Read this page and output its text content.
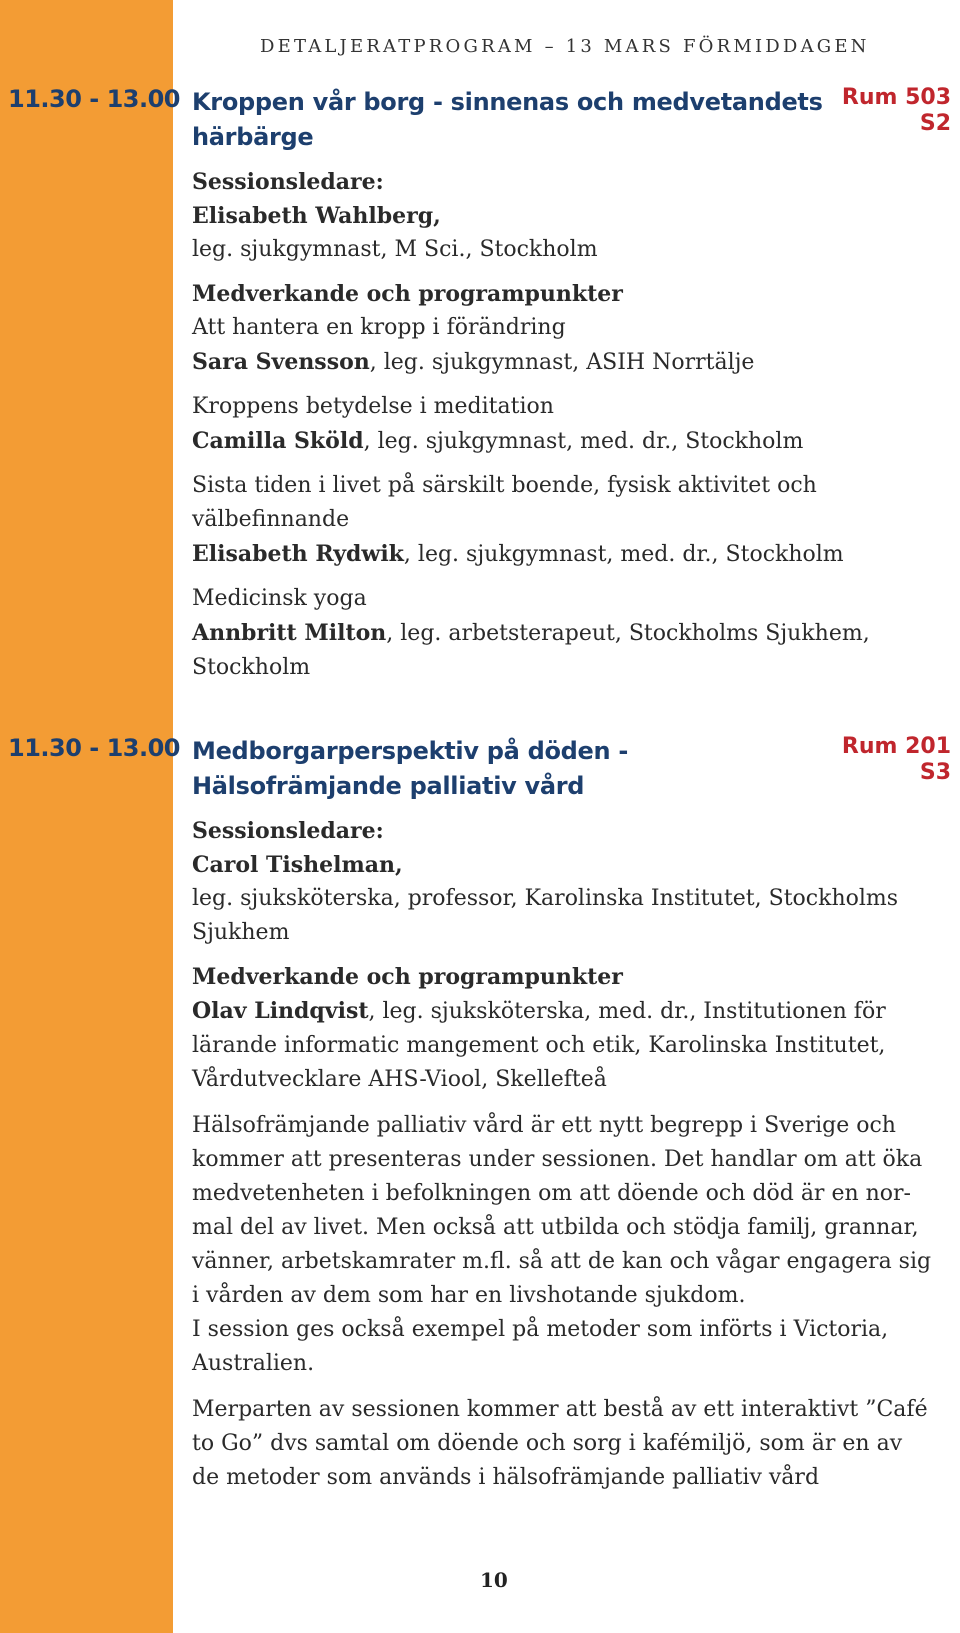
DETALJERATPROGRAM – 13 MARS FÖRMIDDAGEN
11.30 - 13.00	Rum 503
S2
Kroppen vår borg - sinnenas och medvetandets härbärge
Sessionsledare:
Elisabeth Wahlberg,
leg. sjukgymnast, M Sci., Stockholm
Medverkande och programpunkter
Att hantera en kropp i förändring
Sara Svensson, leg. sjukgymnast, ASIH Norrtälje
Kroppens betydelse i meditation
Camilla Sköld, leg. sjukgymnast, med. dr., Stockholm
Sista tiden i livet på särskilt boende, fysisk aktivitet och
välbefinnande
Elisabeth Rydwik, leg. sjukgymnast, med. dr., Stockholm
Medicinsk yoga
Annbritt Milton, leg. arbetsterapeut, Stockholms Sjukhem,
Stockholm
11.30 - 13.00	Rum 201
S3
Medborgarperspektiv på döden -
Hälsofrämjande palliativ vård
Sessionsledare:
Carol Tishelman,
leg. sjuksköterska, professor, Karolinska Institutet, Stockholms
Sjukhem
Medverkande och programpunkter
Olav Lindqvist, leg. sjuksköterska, med. dr., Institutionen för
lärande informatic mangement och etik, Karolinska Institutet,
Vårdutvecklare AHS-Viool, Skellefteå
Hälsofrämjande palliativ vård är ett nytt begrepp i Sverige och
kommer att presenteras under sessionen. Det handlar om att öka
medvetenheten i befolkningen om att döende och död är en nor-
mal del av livet. Men också att utbilda och stödja familj, grannar,
vänner, arbetskamrater m.fl. så att de kan och vågar engagera sig
i vården av dem som har en livshotande sjukdom.
I session ges också exempel på metoder som införts i Victoria,
Australien.
Merparten av sessionen kommer att bestå av ett interaktivt ”Café
to Go” dvs samtal om döende och sorg i kafémiljö, som är en av
de metoder som används i hälsofrämjande palliativ vård
10
